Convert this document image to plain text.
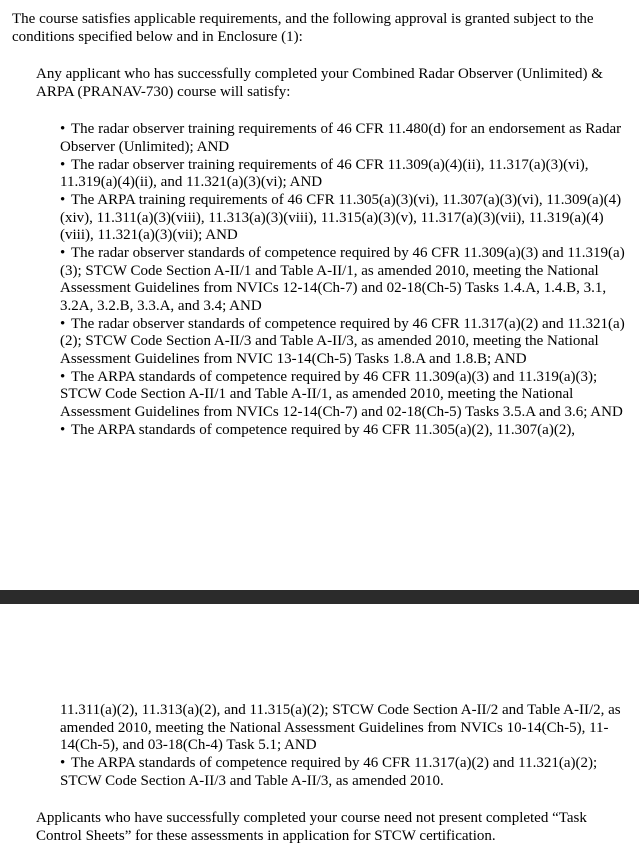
The course satisfies applicable requirements, and the following approval is granted subject to the conditions specified below and in Enclosure (1):

Any applicant who has successfully completed your Combined Radar Observer (Unlimited) & ARPA (PRANAV-730) course will satisfy:

• The radar observer training requirements of 46 CFR 11.480(d) for an endorsement as Radar Observer (Unlimited); AND
• The radar observer training requirements of 46 CFR 11.309(a)(4)(ii), 11.317(a)(3)(vi), 11.319(a)(4)(ii), and 11.321(a)(3)(vi); AND
• The ARPA training requirements of 46 CFR 11.305(a)(3)(vi), 11.307(a)(3)(vi), 11.309(a)(4)(xiv), 11.311(a)(3)(viii), 11.313(a)(3)(viii), 11.315(a)(3)(v), 11.317(a)(3)(vii), 11.319(a)(4)(viii), 11.321(a)(3)(vii); AND
• The radar observer standards of competence required by 46 CFR 11.309(a)(3) and 11.319(a)(3); STCW Code Section A-II/1 and Table A-II/1, as amended 2010, meeting the National Assessment Guidelines from NVICs 12-14(Ch-7) and 02-18(Ch-5) Tasks 1.4.A, 1.4.B, 3.1, 3.2A, 3.2.B, 3.3.A, and 3.4; AND
• The radar observer standards of competence required by 46 CFR 11.317(a)(2) and 11.321(a)(2); STCW Code Section A-II/3 and Table A-II/3, as amended 2010, meeting the National Assessment Guidelines from NVIC 13-14(Ch-5) Tasks 1.8.A and 1.8.B; AND
• The ARPA standards of competence required by 46 CFR 11.309(a)(3) and 11.319(a)(3); STCW Code Section A-II/1 and Table A-II/1, as amended 2010, meeting the National Assessment Guidelines from NVICs 12-14(Ch-7) and 02-18(Ch-5) Tasks 3.5.A and 3.6; AND
• The ARPA standards of competence required by 46 CFR 11.305(a)(2), 11.307(a)(2),
11.311(a)(2), 11.313(a)(2), and 11.315(a)(2); STCW Code Section A-II/2 and Table A-II/2, as amended 2010, meeting the National Assessment Guidelines from NVICs 10-14(Ch-5), 11-14(Ch-5), and 03-18(Ch-4) Task 5.1; AND
• The ARPA standards of competence required by 46 CFR 11.317(a)(2) and 11.321(a)(2); STCW Code Section A-II/3 and Table A-II/3, as amended 2010.

Applicants who have successfully completed your course need not present completed “Task Control Sheets” for these assessments in application for STCW certification.
